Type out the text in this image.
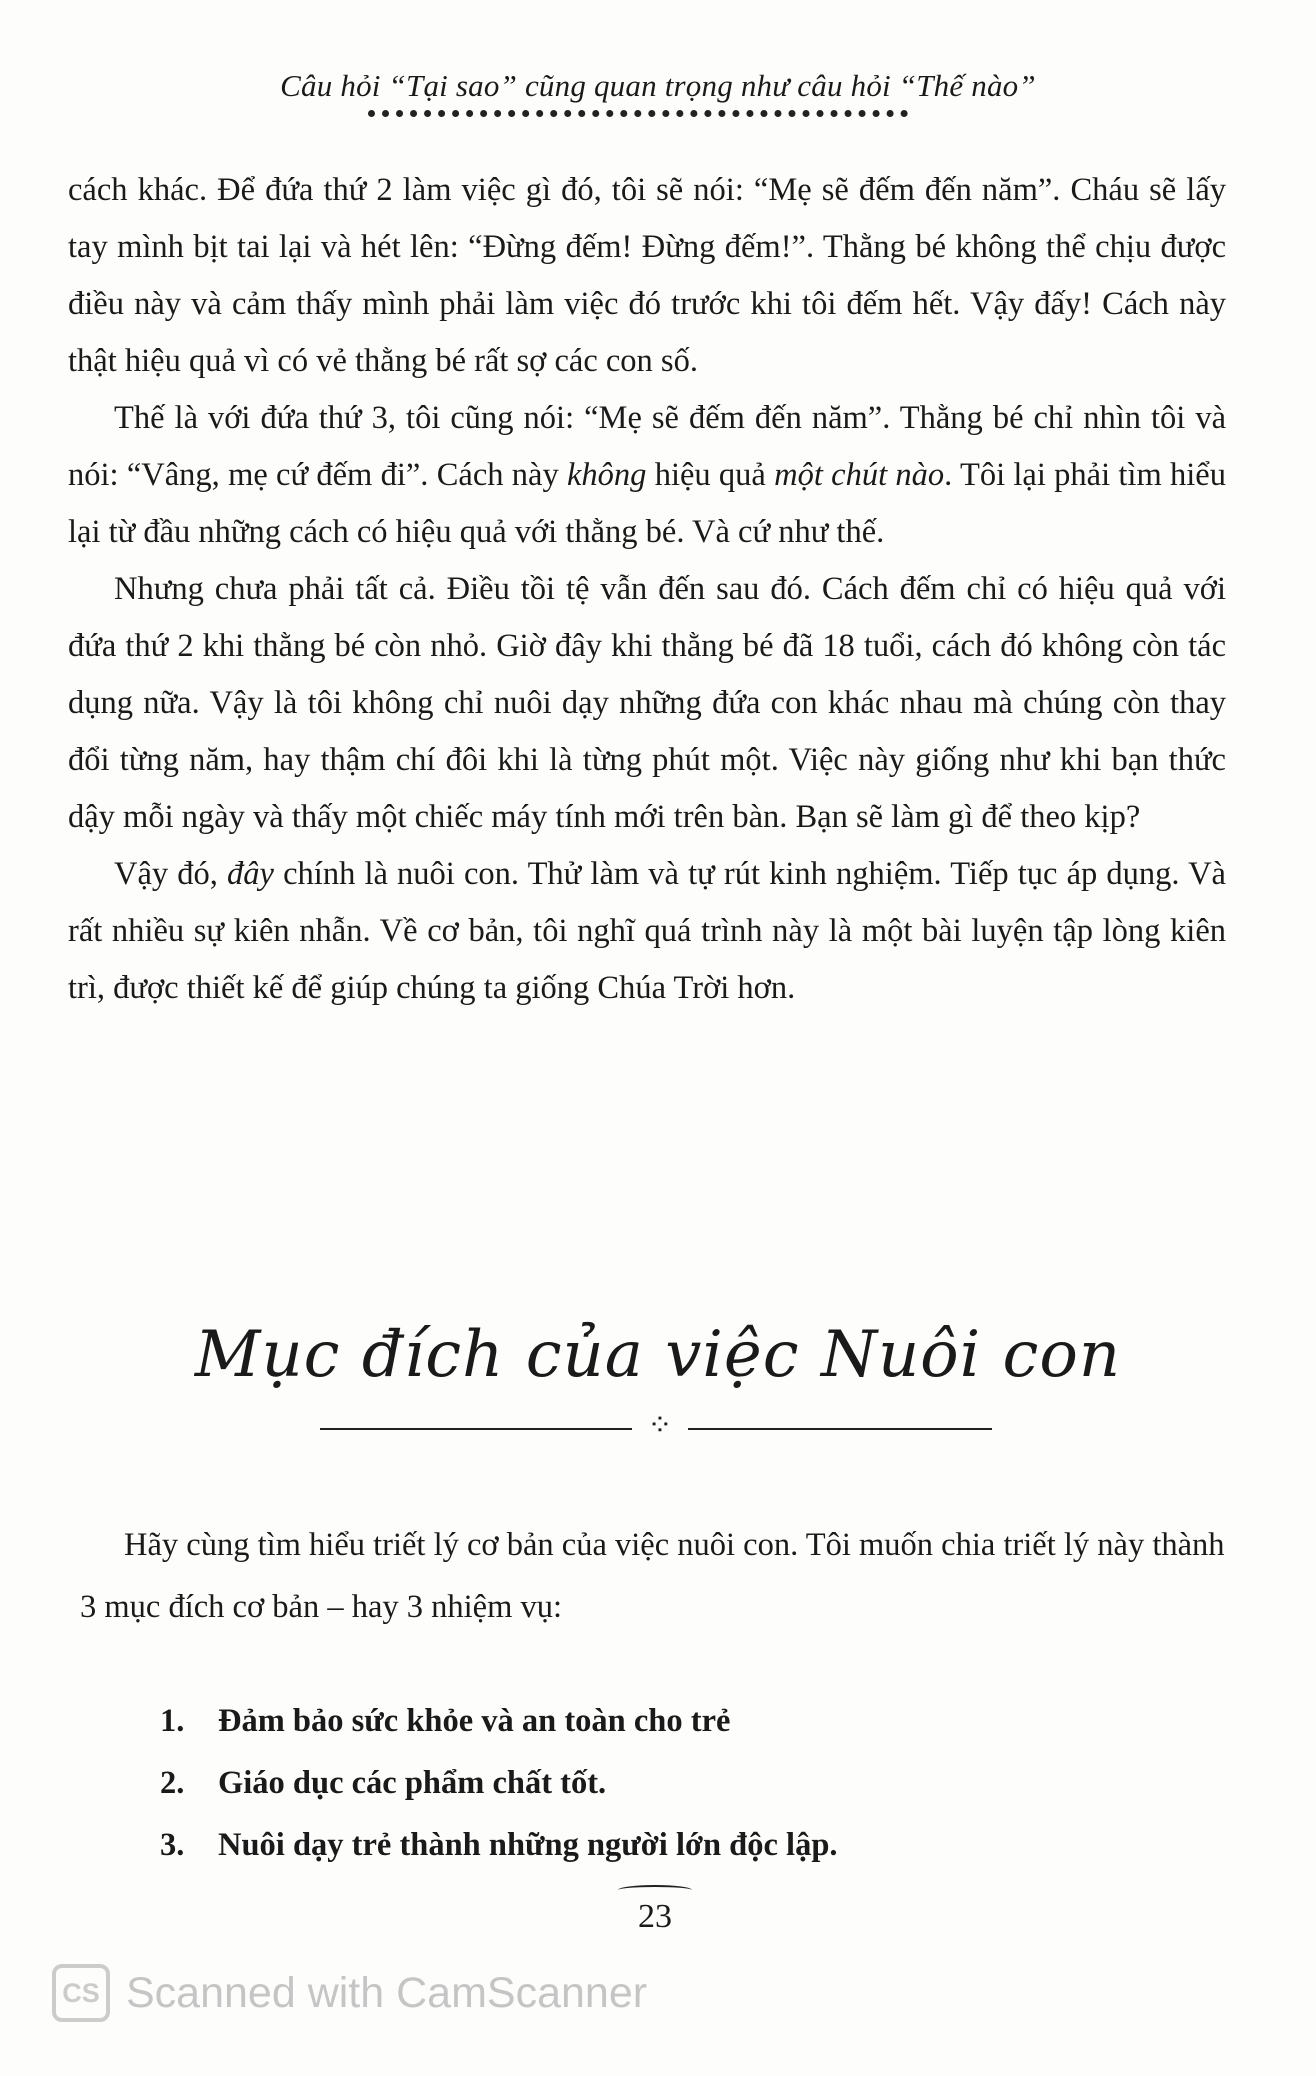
Câu hỏi “Tại sao” cũng quan trọng như câu hỏi “Thế nào”

cách khác. Để đứa thứ 2 làm việc gì đó, tôi sẽ nói: “Mẹ sẽ đếm đến năm”. Cháu sẽ lấy tay mình bịt tai lại và hét lên: “Đừng đếm! Đừng đếm!”. Thằng bé không thể chịu được điều này và cảm thấy mình phải làm việc đó trước khi tôi đếm hết. Vậy đấy! Cách này thật hiệu quả vì có vẻ thằng bé rất sợ các con số.

Thế là với đứa thứ 3, tôi cũng nói: “Mẹ sẽ đếm đến năm”. Thằng bé chỉ nhìn tôi và nói: “Vâng, mẹ cứ đếm đi”. Cách này không hiệu quả một chút nào. Tôi lại phải tìm hiểu lại từ đầu những cách có hiệu quả với thằng bé. Và cứ như thế.

Nhưng chưa phải tất cả. Điều tồi tệ vẫn đến sau đó. Cách đếm chỉ có hiệu quả với đứa thứ 2 khi thằng bé còn nhỏ. Giờ đây khi thằng bé đã 18 tuổi, cách đó không còn tác dụng nữa. Vậy là tôi không chỉ nuôi dạy những đứa con khác nhau mà chúng còn thay đổi từng năm, hay thậm chí đôi khi là từng phút một. Việc này giống như khi bạn thức dậy mỗi ngày và thấy một chiếc máy tính mới trên bàn. Bạn sẽ làm gì để theo kịp?

Vậy đó, đây chính là nuôi con. Thử làm và tự rút kinh nghiệm. Tiếp tục áp dụng. Và rất nhiều sự kiên nhẫn. Về cơ bản, tôi nghĩ quá trình này là một bài luyện tập lòng kiên trì, được thiết kế để giúp chúng ta giống Chúa Trời hơn.

Mục đích của việc Nuôi con
⁘

Hãy cùng tìm hiểu triết lý cơ bản của việc nuôi con. Tôi muốn chia triết lý này thành 3 mục đích cơ bản – hay 3 nhiệm vụ:

1. Đảm bảo sức khỏe và an toàn cho trẻ
2. Giáo dục các phẩm chất tốt.
3. Nuôi dạy trẻ thành những người lớn độc lập.
23
CS Scanned with CamScanner
